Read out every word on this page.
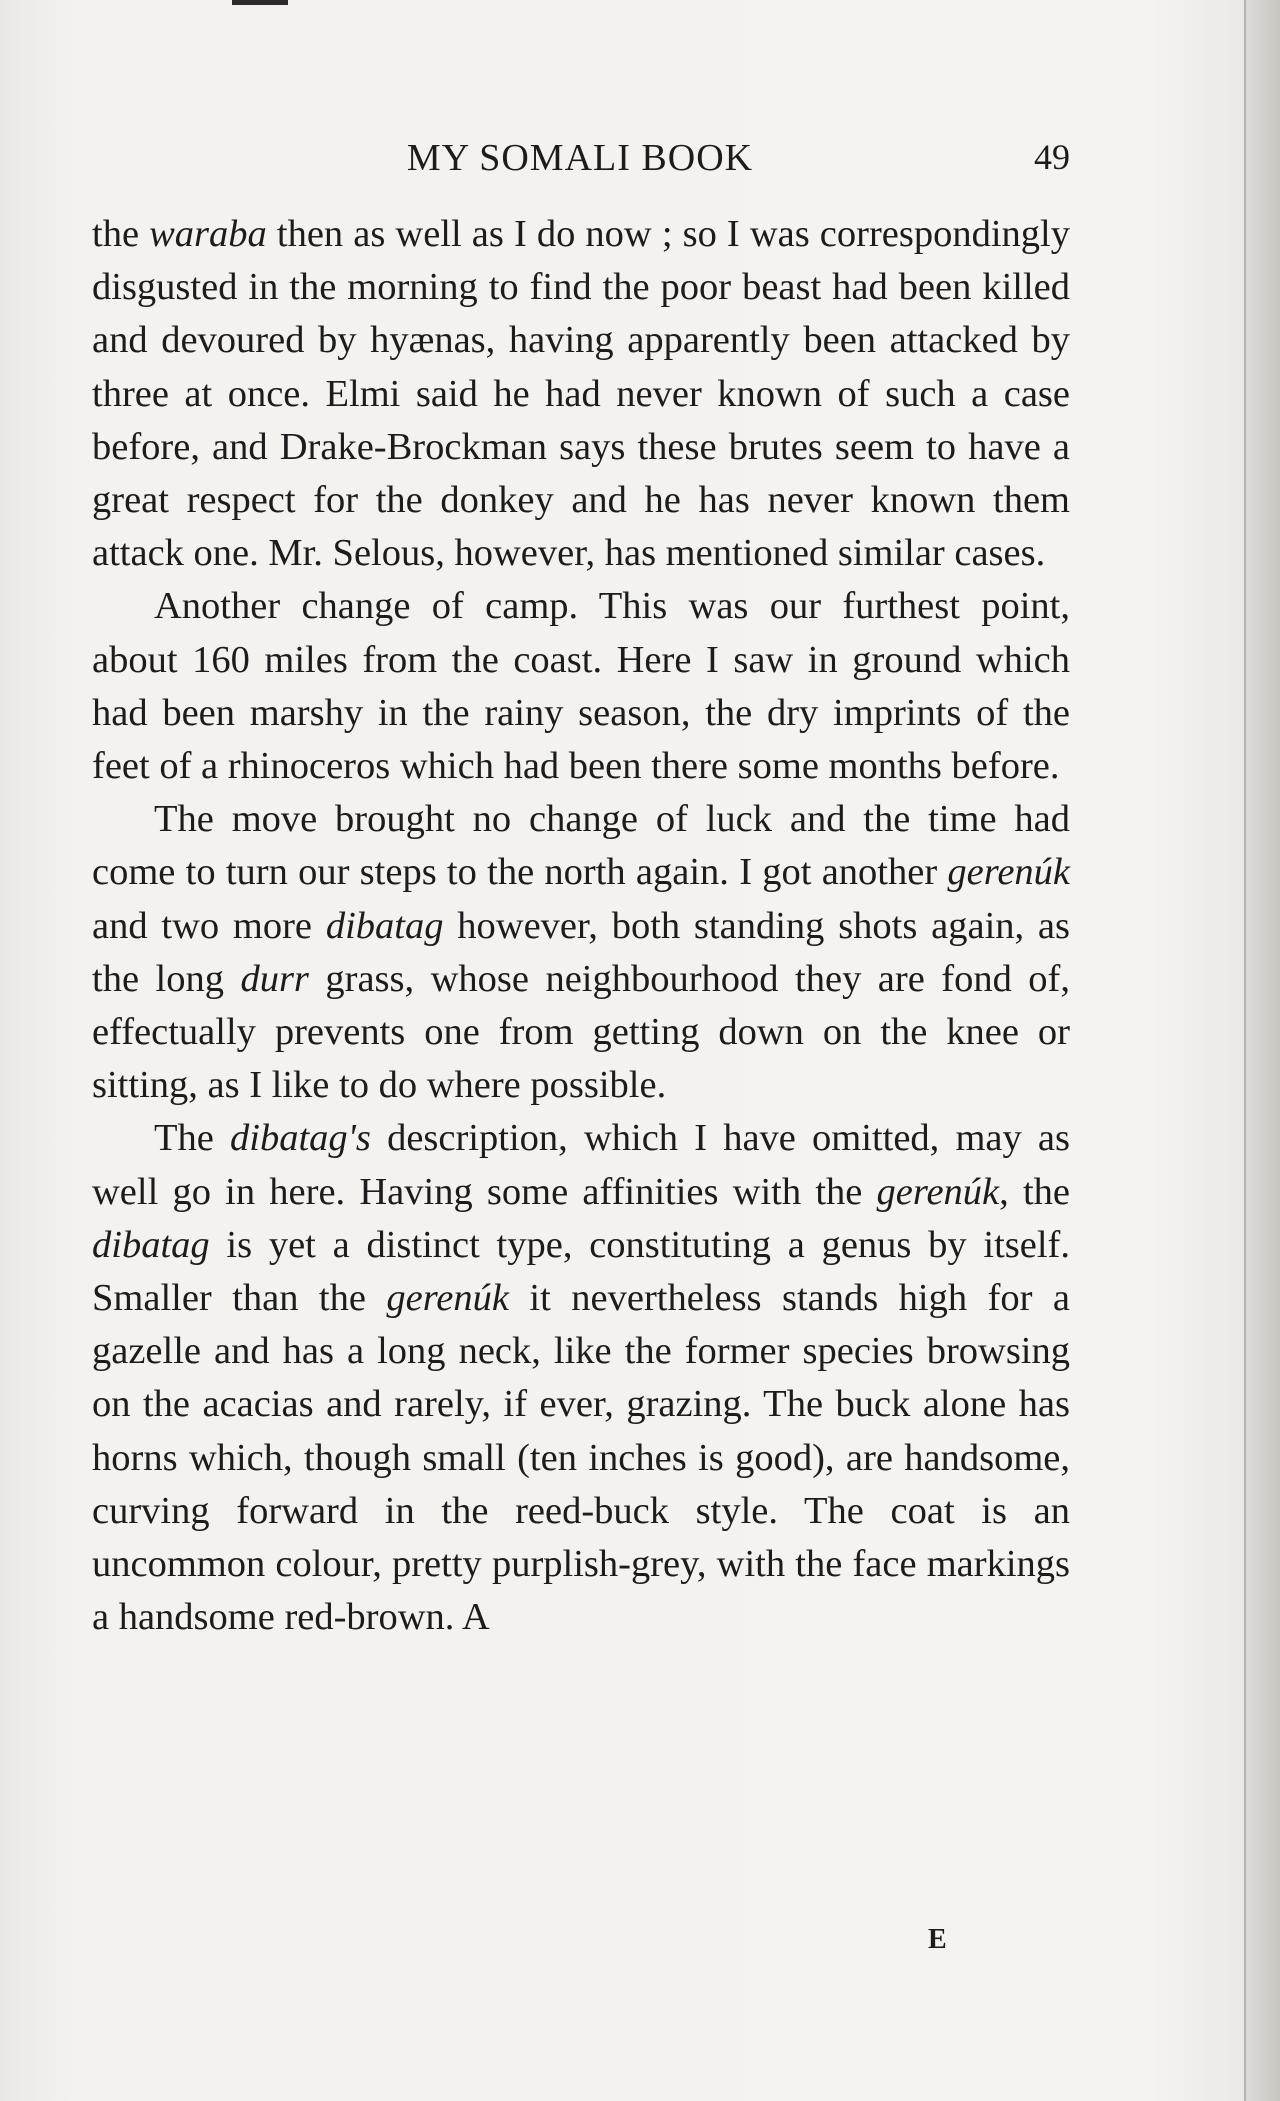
MY SOMALI BOOK	49

the waraba then as well as I do now ; so I was correspondingly disgusted in the morning to find the poor beast had been killed and devoured by hyænas, having apparently been attacked by three at once. Elmi said he had never known of such a case before, and Drake-Brockman says these brutes seem to have a great respect for the donkey and he has never known them attack one. Mr. Selous, however, has mentioned similar cases.

Another change of camp. This was our furthest point, about 160 miles from the coast. Here I saw in ground which had been marshy in the rainy season, the dry imprints of the feet of a rhinoceros which had been there some months before.

The move brought no change of luck and the time had come to turn our steps to the north again. I got another gerenúk and two more dibatag however, both standing shots again, as the long durr grass, whose neighbourhood they are fond of, effectually prevents one from getting down on the knee or sitting, as I like to do where possible.

The dibatag's description, which I have omitted, may as well go in here. Having some affinities with the gerenúk, the dibatag is yet a distinct type, constituting a genus by itself. Smaller than the gerenúk it nevertheless stands high for a gazelle and has a long neck, like the former species browsing on the acacias and rarely, if ever, grazing. The buck alone has horns which, though small (ten inches is good), are handsome, curving forward in the reed-buck style. The coat is an uncommon colour, pretty purplish-grey, with the face markings a handsome red-brown. A

E
